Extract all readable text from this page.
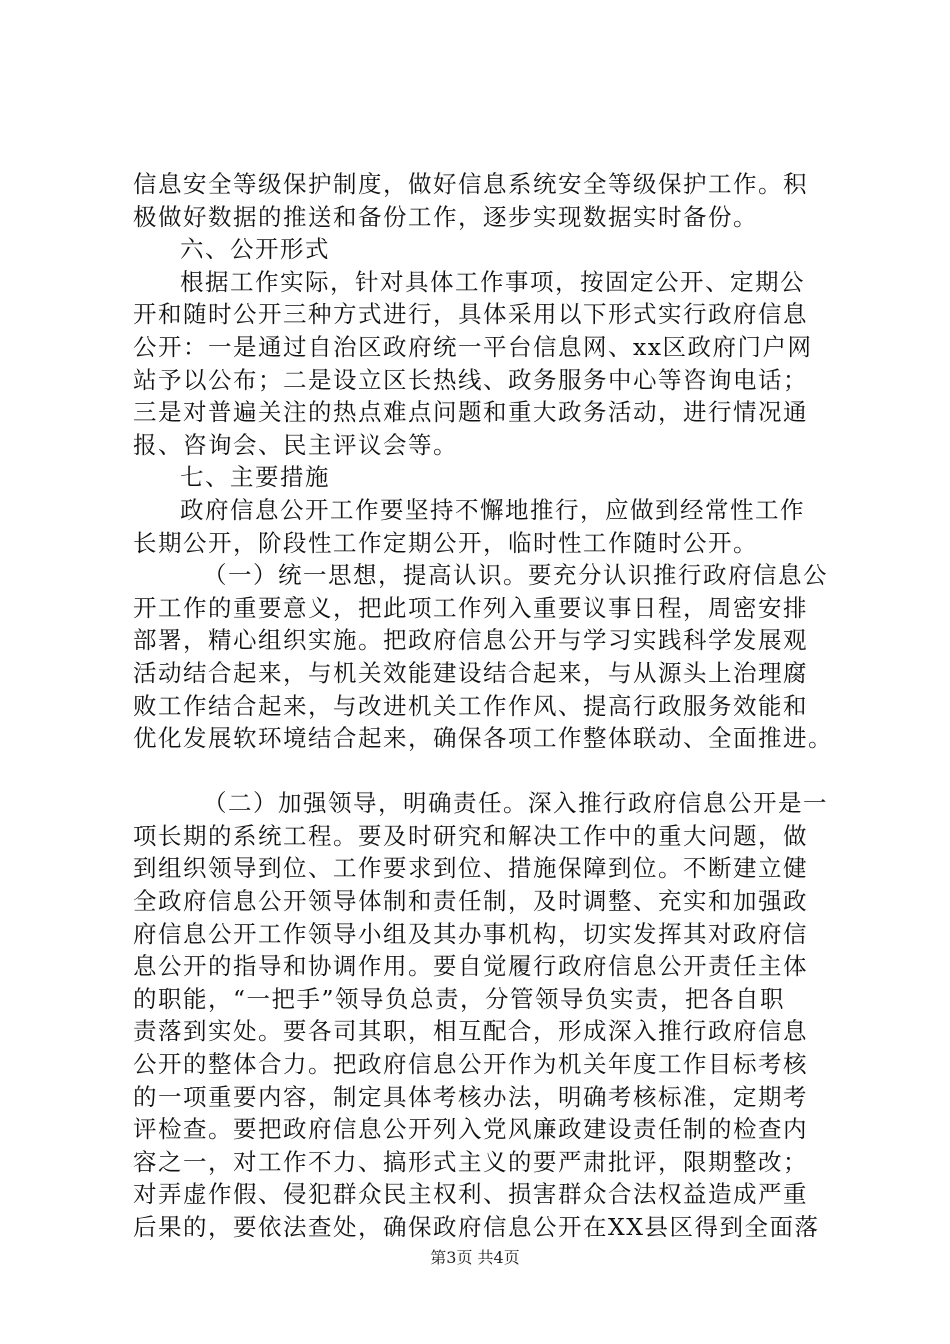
信息安全等级保护制度，做好信息系统安全等级保护工作。积

极做好数据的推送和备份工作，逐步实现数据实时备份。

六、公开形式

根据工作实际，针对具体工作事项，按固定公开、定期公

开和随时公开三种方式进行，具体采用以下形式实行政府信息

公开：一是通过自治区政府统一平台信息网、xx区政府门户网

站予以公布；二是设立区长热线、政务服务中心等咨询电话；

三是对普遍关注的热点难点问题和重大政务活动，进行情况通

报、咨询会、民主评议会等。

七、主要措施

政府信息公开工作要坚持不懈地推行，应做到经常性工作

长期公开，阶段性工作定期公开，临时性工作随时公开。

（一）统一思想，提高认识。要充分认识推行政府信息公

开工作的重要意义，把此项工作列入重要议事日程，周密安排

部署，精心组织实施。把政府信息公开与学习实践科学发展观

活动结合起来，与机关效能建设结合起来，与从源头上治理腐

败工作结合起来，与改进机关工作作风、提高行政服务效能和

优化发展软环境结合起来，确保各项工作整体联动、全面推进。

（二）加强领导，明确责任。深入推行政府信息公开是一

项长期的系统工程。要及时研究和解决工作中的重大问题，做

到组织领导到位、工作要求到位、措施保障到位。不断建立健

全政府信息公开领导体制和责任制，及时调整、充实和加强政

府信息公开工作领导小组及其办事机构，切实发挥其对政府信

息公开的指导和协调作用。要自觉履行政府信息公开责任主体

的职能，“一把手”领导负总责，分管领导负实责，把各自职

责落到实处。要各司其职，相互配合，形成深入推行政府信息

公开的整体合力。把政府信息公开作为机关年度工作目标考核

的一项重要内容，制定具体考核办法，明确考核标准，定期考

评检查。要把政府信息公开列入党风廉政建设责任制的检查内

容之一，对工作不力、搞形式主义的要严肃批评，限期整改；

对弄虚作假、侵犯群众民主权利、损害群众合法权益造成严重

后果的，要依法查处，确保政府信息公开在XX县区得到全面落

第3页 共4页
